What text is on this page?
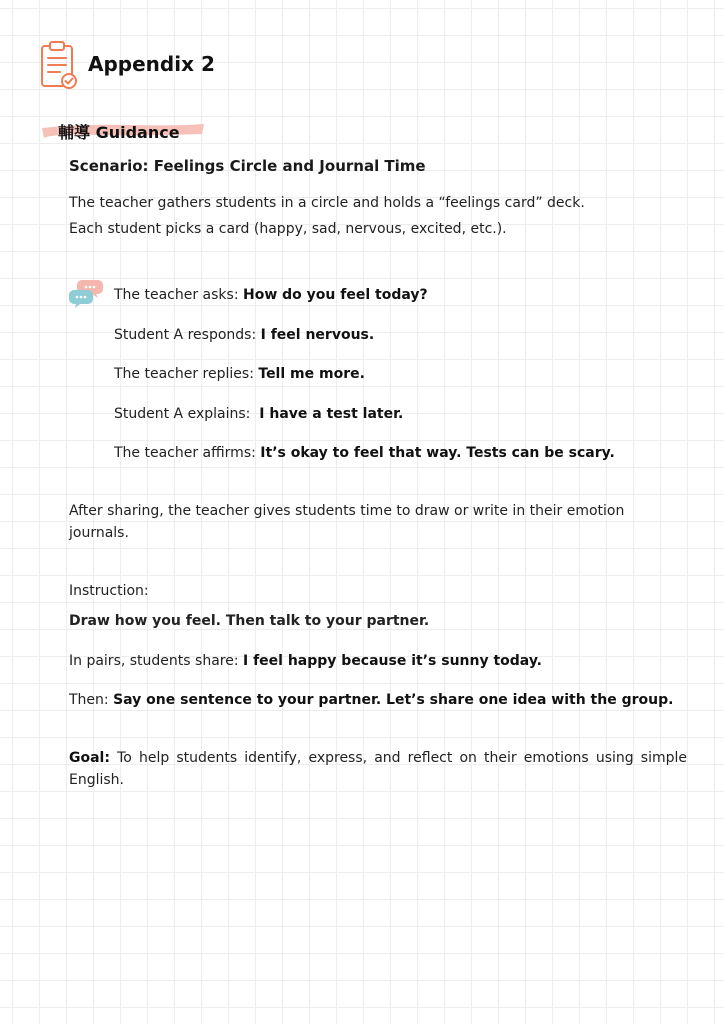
Appendix 2
輔導 Guidance
Scenario: Feelings Circle and Journal Time

The teacher gathers students in a circle and holds a “feelings card” deck.

Each student picks a card (happy, sad, nervous, excited, etc.).

The teacher asks: How do you feel today?
Student A responds: I feel nervous.
The teacher replies: Tell me more.
Student A explains:  I have a test later.
The teacher affirms: It’s okay to feel that way. Tests can be scary.
After sharing, the teacher gives students time to draw or write in their emotion journals.
Instruction:
Draw how you feel. Then talk to your partner.
In pairs, students share: I feel happy because it’s sunny today.
Then: Say one sentence to your partner. Let’s share one idea with the group.
Goal: To help students identify, express, and reflect on their emotions using simple English.
